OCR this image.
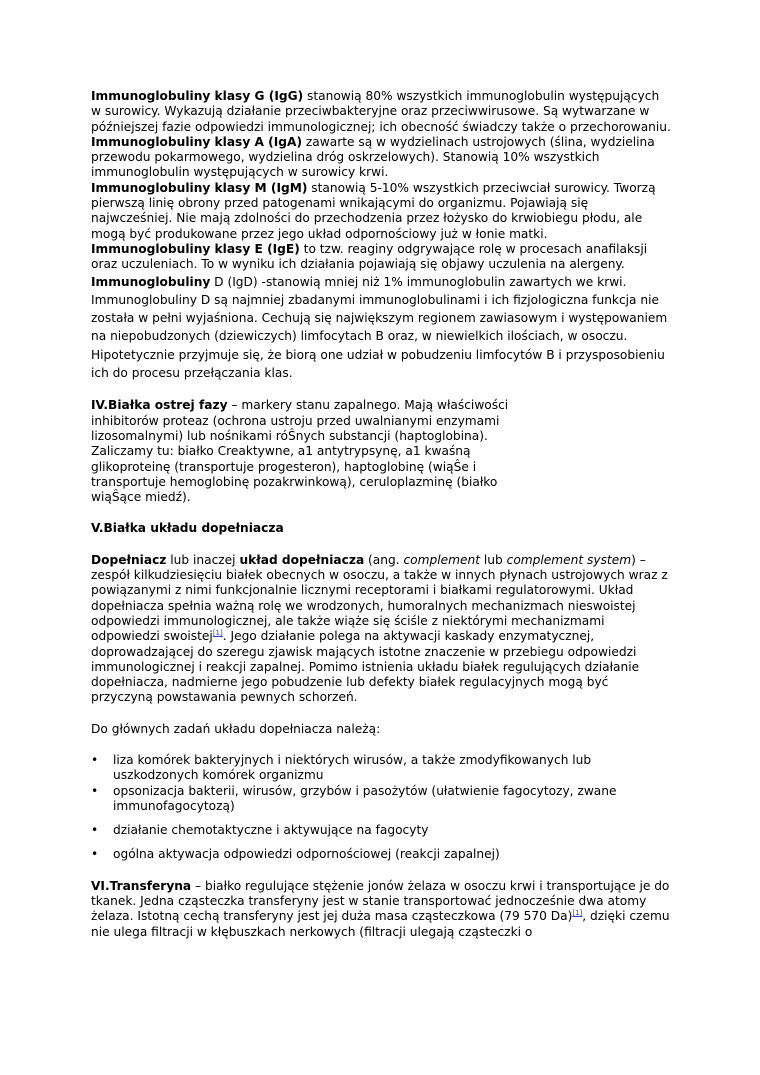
Immunoglobuliny klasy G (IgG) stanowią 80% wszystkich immunoglobulin występujących w surowicy. Wykazują działanie przeciwbakteryjne oraz przeciwwirusowe. Są wytwarzane w późniejszej fazie odpowiedzi immunologicznej; ich obecność świadczy także o przechorowaniu.

Immunoglobuliny klasy A (IgA) zawarte są w wydzielinach ustrojowych (ślina, wydzielina przewodu pokarmowego, wydzielina dróg oskrzelowych). Stanowią 10% wszystkich immunoglobulin występujących w surowicy krwi.

Immunoglobuliny klasy M (IgM) stanowią 5-10% wszystkich przeciwciał surowicy. Tworzą pierwszą linię obrony przed patogenami wnikającymi do organizmu. Pojawiają się najwcześniej. Nie mają zdolności do przechodzenia przez łożysko do krwiobiegu płodu, ale mogą być produkowane przez jego układ odpornościowy już w łonie matki.

Immunoglobuliny klasy E (IgE) to tzw. reaginy odgrywające rolę w procesach anafilaksji oraz uczuleniach. To w wyniku ich działania pojawiają się objawy uczulenia na alergeny.

Immunoglobuliny D (IgD) -stanowią mniej niż 1% immunoglobulin zawartych we krwi. Immunoglobuliny D są najmniej zbadanymi immunoglobulinami i ich fizjologiczna funkcja nie została w pełni wyjaśniona. Cechują się największym regionem zawiasowym i występowaniem na niepobudzonych (dziewiczych) limfocytach B oraz, w niewielkich ilościach, w osoczu. Hipotetycznie przyjmuje się, że biorą one udział w pobudzeniu limfocytów B i przysposobieniu ich do procesu przełączania klas.

IV.Białka ostrej fazy – markery stanu zapalnego. Mają właściwości inhibitorów proteaz (ochrona ustroju przed uwalnianymi enzymami lizosomalnymi) lub nośnikami róŜnych substancji (haptoglobina). Zaliczamy tu: białko Creaktywne, a1 antytrypsynę, a1 kwaśną glikoproteinę (transportuje progesteron), haptoglobinę (wiąŜe i transportuje hemoglobinę pozakrwinkową), ceruloplazminę (białko wiąŜące miedź).

V.Białka układu dopełniacza

Dopełniacz lub inaczej układ dopełniacza (ang. complement lub complement system) – zespół kilkudziesięciu białek obecnych w osoczu, a także w innych płynach ustrojowych wraz z powiązanymi z nimi funkcjonalnie licznymi receptorami i białkami regulatorowymi. Układ dopełniacza spełnia ważną rolę we wrodzonych, humoralnych mechanizmach nieswoistej odpowiedzi immunologicznej, ale także wiąże się ściśle z niektórymi mechanizmami odpowiedzi swoistej[1]. Jego działanie polega na aktywacji kaskady enzymatycznej, doprowadzającej do szeregu zjawisk mających istotne znaczenie w przebiegu odpowiedzi immunologicznej i reakcji zapalnej. Pomimo istnienia układu białek regulujących działanie dopełniacza, nadmierne jego pobudzenie lub defekty białek regulacyjnych mogą być przyczyną powstawania pewnych schorzeń.

Do głównych zadań układu dopełniacza należą:

• liza komórek bakteryjnych i niektórych wirusów, a także zmodyfikowanych lub uszkodzonych komórek organizmu
• opsonizacja bakterii, wirusów, grzybów i pasożytów (ułatwienie fagocytozy, zwane immunofagocytozą)
• działanie chemotaktyczne i aktywujące na fagocyty
• ogólna aktywacja odpowiedzi odpornościowej (reakcji zapalnej)

VI.Transferyna – białko regulujące stężenie jonów żelaza w osoczu krwi i transportujące je do tkanek. Jedna cząsteczka transferyny jest w stanie transportować jednocześnie dwa atomy żelaza. Istotną cechą transferyny jest jej duża masa cząsteczkowa (79 570 Da)[1], dzięki czemu nie ulega filtracji w kłębuszkach nerkowych (filtracji ulegają cząsteczki o
